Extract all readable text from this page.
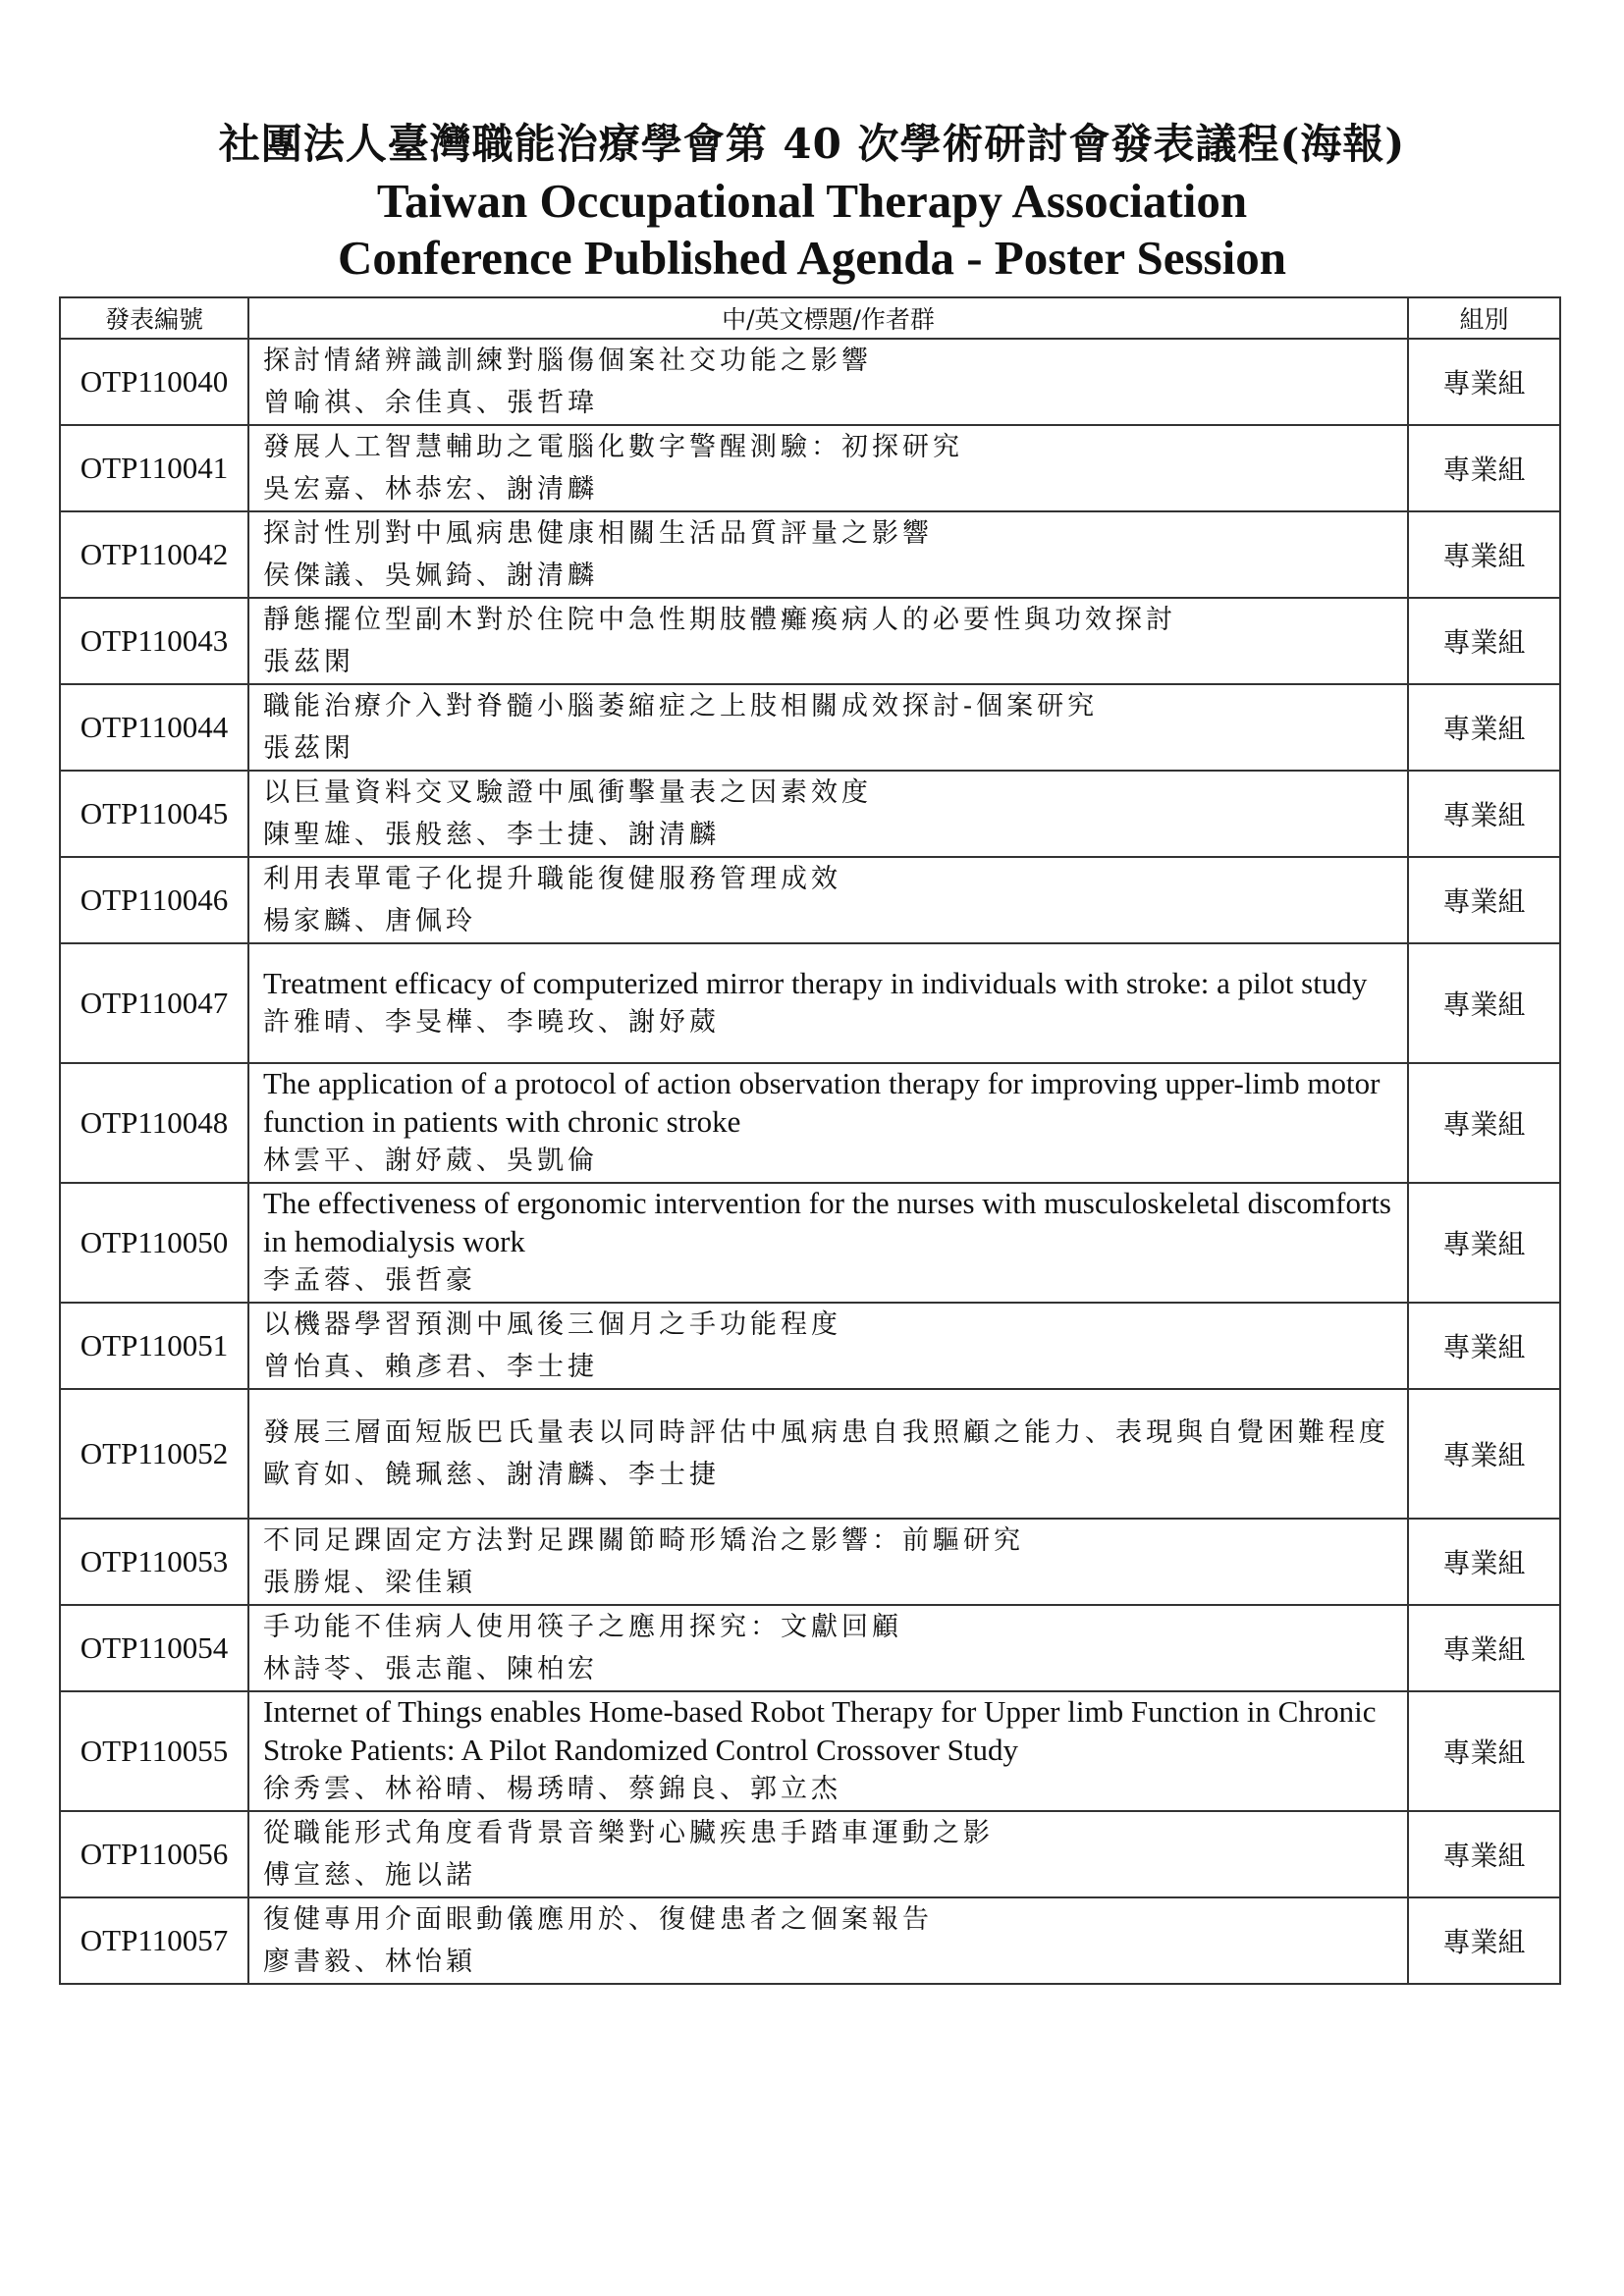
社團法人臺灣職能治療學會第 40 次學術研討會發表議程(海報)
Taiwan Occupational Therapy Association
Conference Published Agenda - Poster Session
發表編號	中/英文標題/作者群	組別
OTP110040	探討情緒辨識訓練對腦傷個案社交功能之影響
曾喻祺、余佳真、張哲瑋	專業組
OTP110041	發展人工智慧輔助之電腦化數字警醒測驗：初探研究
吳宏嘉、林恭宏、謝清麟	專業組
OTP110042	探討性別對中風病患健康相關生活品質評量之影響
侯傑議、吳姵錡、謝清麟	專業組
OTP110043	靜態擺位型副木對於住院中急性期肢體癱瘓病人的必要性與功效探討
張茲閑	專業組
OTP110044	職能治療介入對脊髓小腦萎縮症之上肢相關成效探討-個案研究
張茲閑	專業組
OTP110045	以巨量資料交叉驗證中風衝擊量表之因素效度
陳聖雄、張般慈、李士捷、謝清麟	專業組
OTP110046	利用表單電子化提升職能復健服務管理成效
楊家麟、唐佩玲	專業組
OTP110047	Treatment efficacy of computerized mirror therapy in individuals with stroke: a pilot study
許雅晴、李旻樺、李曉玫、謝妤葳	專業組
OTP110048	The application of a protocol of action observation therapy for improving upper-limb motor function in patients with chronic stroke
林雲平、謝妤葳、吳凱倫	專業組
OTP110050	The effectiveness of ergonomic intervention for the nurses with musculoskeletal discomforts in hemodialysis work
李孟蓉、張哲豪	專業組
OTP110051	以機器學習預測中風後三個月之手功能程度
曾怡真、賴彥君、李士捷	專業組
OTP110052	發展三層面短版巴氏量表以同時評估中風病患自我照顧之能力、表現與自覺困難程度
歐育如、饒珮慈、謝清麟、李士捷	專業組
OTP110053	不同足踝固定方法對足踝關節畸形矯治之影響：前驅研究
張勝焜、梁佳穎	專業組
OTP110054	手功能不佳病人使用筷子之應用探究：文獻回顧
林詩苓、張志龍、陳柏宏	專業組
OTP110055	Internet of Things enables Home-based Robot Therapy for Upper limb Function in Chronic Stroke Patients: A Pilot Randomized Control Crossover Study
徐秀雲、林裕晴、楊琇晴、蔡錦良、郭立杰	專業組
OTP110056	從職能形式角度看背景音樂對心臟疾患手踏車運動之影
傅宣慈、施以諾	專業組
OTP110057	復健專用介面眼動儀應用於、復健患者之個案報告
廖書毅、林怡穎	專業組
